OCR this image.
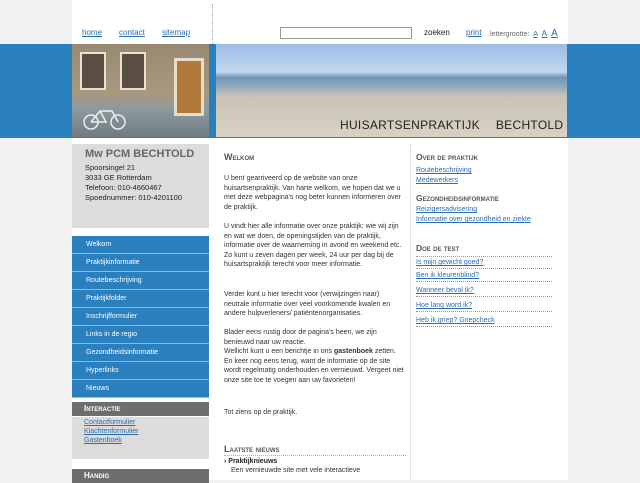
home contact sitemap	zoeken print lettergrootte: A A A
HUISARTSENPRAKTIJK BECHTOLD
Mw PCM BECHTOLD
Spoorsingel 21
3033 GE Rotterdam
Telefoon: 010-4660467
Spoednummer: 010-4201100
Welkom
Praktijkinformatie
Routebeschrijving
Praktijkfolder
Inschrijfformulier
Links in de regio
Gezondheidsinformatie
Hyperlinks
Nieuws
Interactie
Contactformulier
Klachtenformulier
Gastenboek
Handig
Welkom

U bent gearriveerd op de website van onze huisartsenpraktijk. Van harte welkom, we hopen dat we u met deze webpagina's nog beter kunnen informeren over de praktijk.

U vindt hier alle informatie over onze praktijk: wie wij zijn en wat we doen, de openingstijden van de praktijk, informatie over de waarneming in avond en weekend etc. Zo kunt u zeven dagen per week, 24 uur per dag bij de huisartspraktijk terecht voor meer informatie.

Verder kunt u hier terecht voor (verwijzingen naar) neutrale informatie over veel voorkomende kwalen en andere hulpverleners/ patiëntenorganisaties.

Blader eens rustig door de pagina's heen, we zijn benieuwd naar uw reactie.
Wellicht kunt u een berichtje in ons gastenboek zetten.
En keer nog eens terug, want de informatie op de site wordt regelmatig onderhouden en vernieuwd. Vergeet niet onze site toe te voegen aan uw favorieten!

Tot ziens op de praktijk.

Laatste nieuws
› Praktijknieuws
Een vernieuwde site met vele interactieve
Over de praktijk
Routebeschrijving
Medewerkers
Gezondheidsinformatie
Reizigersadvisering
Informatie over gezondheid en ziekte
Doe de test
Is mijn gewicht goed?
Ben ik kleurenblind?
Wanneer beval ik?
Hoe lang word ik?
Heb ik griep? Griepcheck
